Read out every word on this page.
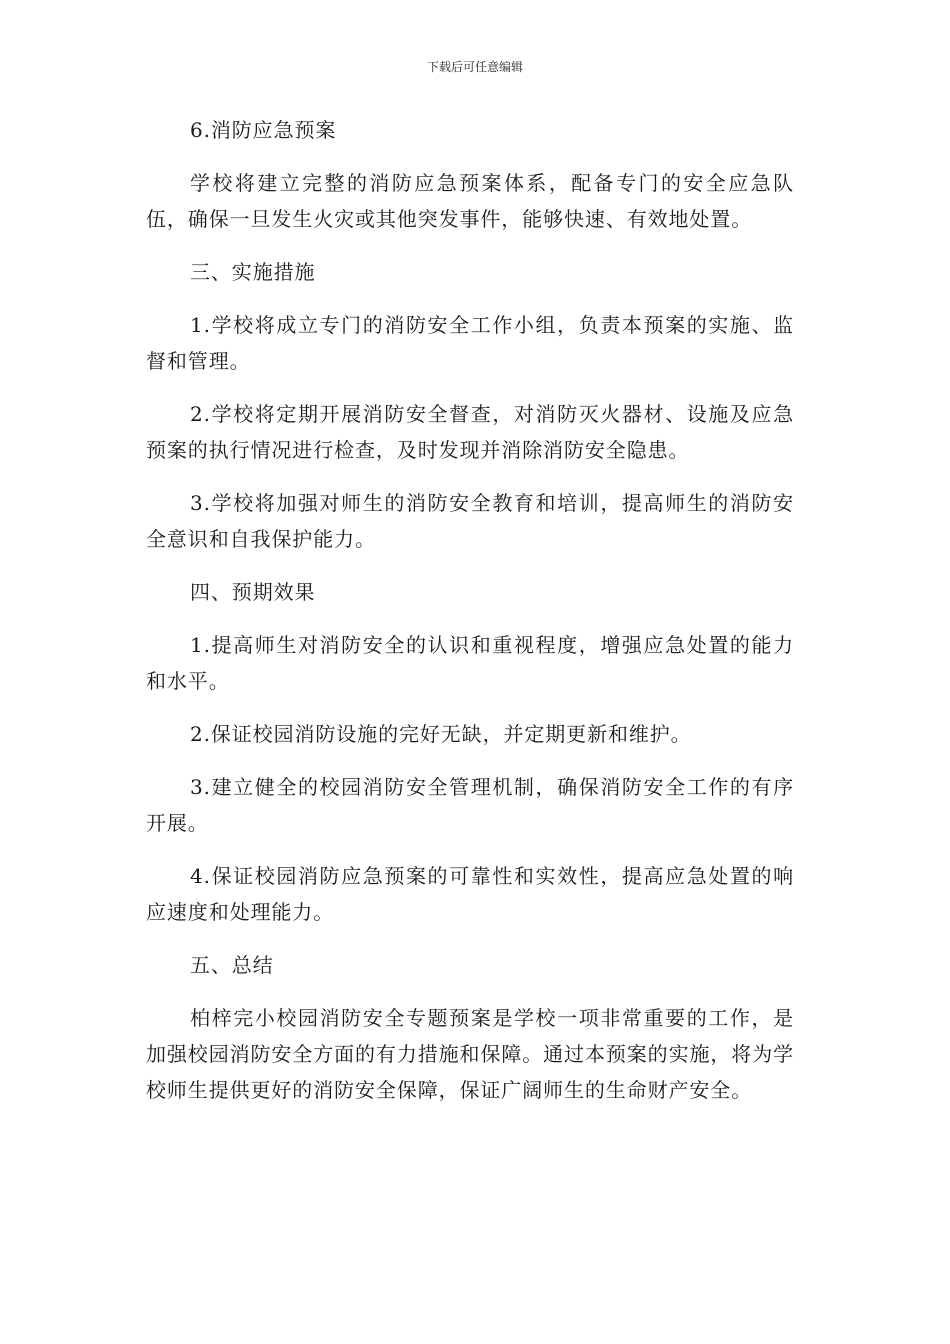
下载后可任意编辑

6.消防应急预案

学校将建立完整的消防应急预案体系，配备专门的安全应急队伍，确保一旦发生火灾或其他突发事件，能够快速、有效地处置。

三、实施措施

1.学校将成立专门的消防安全工作小组，负责本预案的实施、监督和管理。

2.学校将定期开展消防安全督查，对消防灭火器材、设施及应急预案的执行情况进行检查，及时发现并消除消防安全隐患。

3.学校将加强对师生的消防安全教育和培训，提高师生的消防安全意识和自我保护能力。

四、预期效果

1.提高师生对消防安全的认识和重视程度，增强应急处置的能力和水平。

2.保证校园消防设施的完好无缺，并定期更新和维护。

3.建立健全的校园消防安全管理机制，确保消防安全工作的有序开展。

4.保证校园消防应急预案的可靠性和实效性，提高应急处置的响应速度和处理能力。

五、总结

柏梓完小校园消防安全专题预案是学校一项非常重要的工作，是加强校园消防安全方面的有力措施和保障。通过本预案的实施，将为学校师生提供更好的消防安全保障，保证广阔师生的生命财产安全。
